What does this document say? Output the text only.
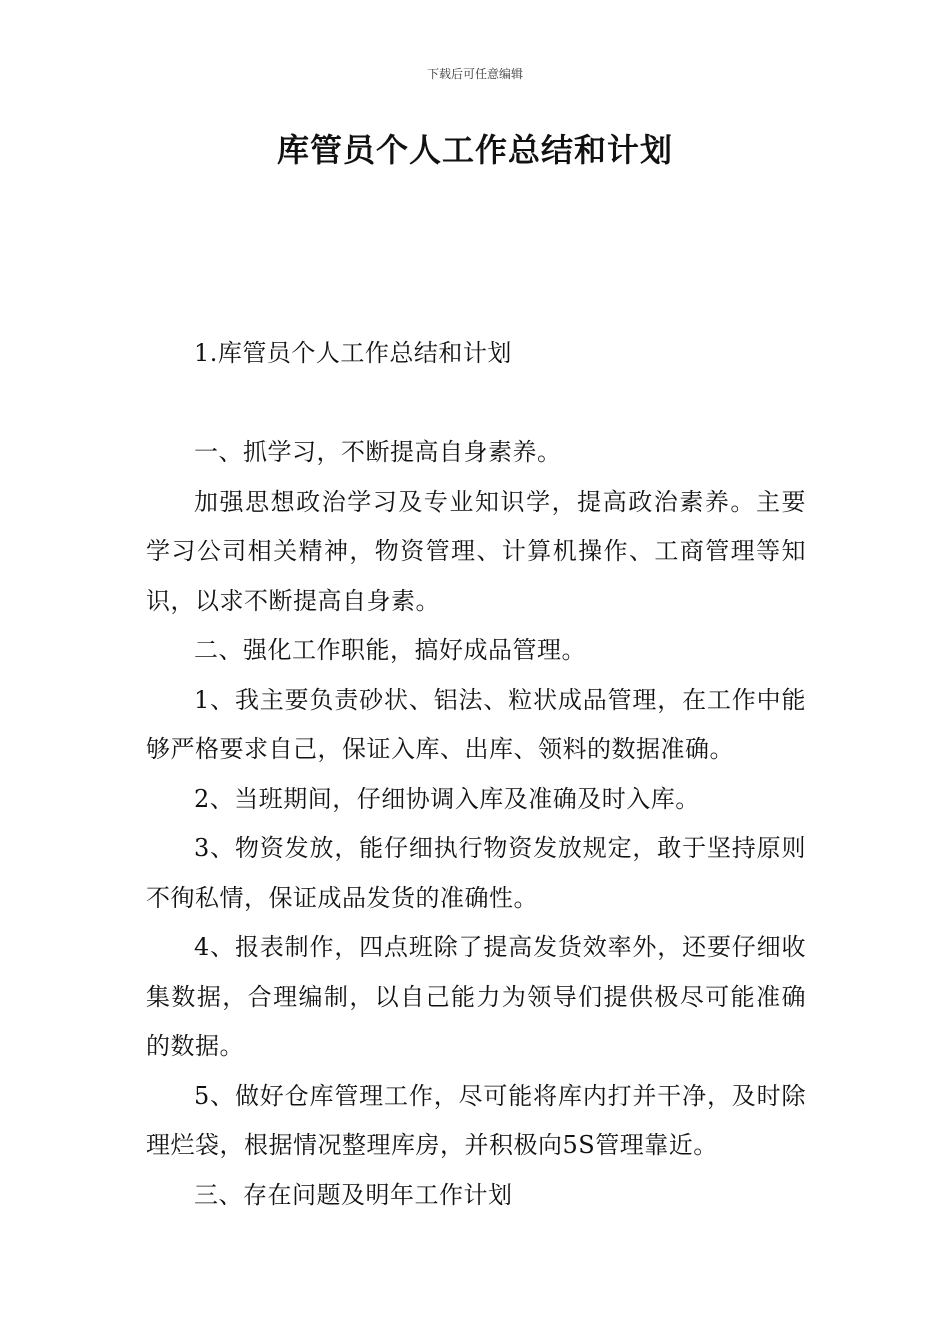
下载后可任意编辑
库管员个人工作总结和计划

1.库管员个人工作总结和计划

一、抓学习，不断提高自身素养。

加强思想政治学习及专业知识学，提高政治素养。主要学习公司相关精神，物资管理、计算机操作、工商管理等知识，以求不断提高自身素。

二、强化工作职能，搞好成品管理。

1、我主要负责砂状、铝法、粒状成品管理，在工作中能够严格要求自己，保证入库、出库、领料的数据准确。

2、当班期间，仔细协调入库及准确及时入库。

3、物资发放，能仔细执行物资发放规定，敢于坚持原则不徇私情，保证成品发货的准确性。

4、报表制作，四点班除了提高发货效率外，还要仔细收集数据，合理编制，以自己能力为领导们提供极尽可能准确的数据。

5、做好仓库管理工作，尽可能将库内打并干净，及时除理烂袋，根据情况整理库房，并积极向5S管理靠近。

三、存在问题及明年工作计划
